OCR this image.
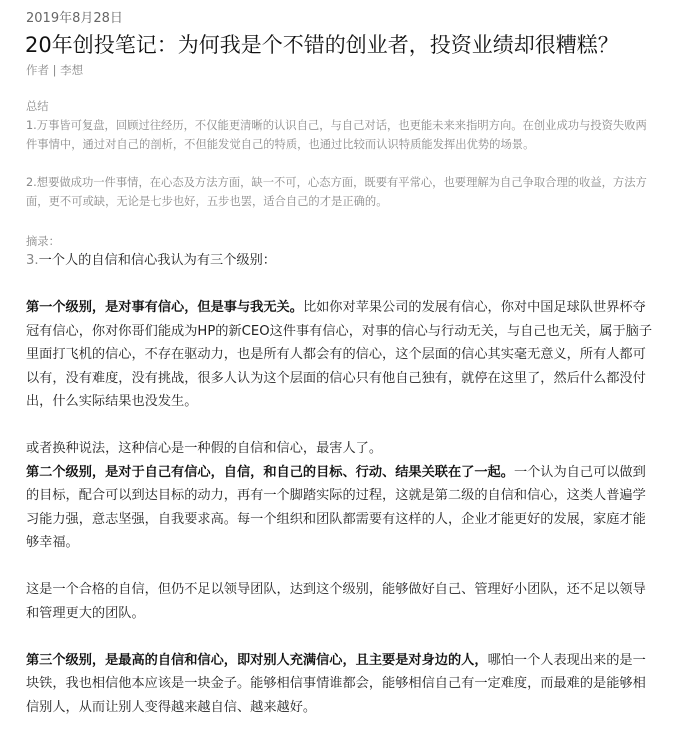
2019年8月28日
20年创投笔记：为何我是个不错的创业者，投资业绩却很糟糕？
作者 | 李想

总结

1.万事皆可复盘，回顾过往经历，不仅能更清晰的认识自己，与自己对话，也更能未来来指明方向。在创业成功与投资失败两件事情中，通过对自己的剖析，不但能发觉自己的特质，也通过比较而认识特质能发挥出优势的场景。

2.想要做成功一件事情，在心态及方法方面，缺一不可，心态方面，既要有平常心，也要理解为自己争取合理的收益，方法方面，更不可或缺，无论是七步也好，五步也罢，适合自己的才是正确的。

摘录：

3.一个人的自信和信心我认为有三个级别：

第一个级别，是对事有信心，但是事与我无关。比如你对苹果公司的发展有信心，你对中国足球队世界杯夺冠有信心，你对你哥们能成为HP的新CEO这件事有信心，对事的信心与行动无关，与自己也无关，属于脑子里面打飞机的信心，不存在驱动力，也是所有人都会有的信心，这个层面的信心其实毫无意义，所有人都可以有，没有难度，没有挑战，很多人认为这个层面的信心只有他自己独有，就停在这里了，然后什么都没付出，什么实际结果也没发生。

或者换种说法，这种信心是一种假的自信和信心，最害人了。

第二个级别，是对于自己有信心，自信，和自己的目标、行动、结果关联在了一起。一个认为自己可以做到的目标，配合可以到达目标的动力，再有一个脚踏实际的过程，这就是第二级的自信和信心，这类人普遍学习能力强，意志坚强，自我要求高。每一个组织和团队都需要有这样的人，企业才能更好的发展，家庭才能够幸福。

这是一个合格的自信，但仍不足以领导团队，达到这个级别，能够做好自己、管理好小团队，还不足以领导和管理更大的团队。

第三个级别，是最高的自信和信心，即对别人充满信心，且主要是对身边的人，哪怕一个人表现出来的是一块铁，我也相信他本应该是一块金子。能够相信事情谁都会，能够相信自己有一定难度，而最难的是能够相信别人，从而让别人变得越来越自信、越来越好。
